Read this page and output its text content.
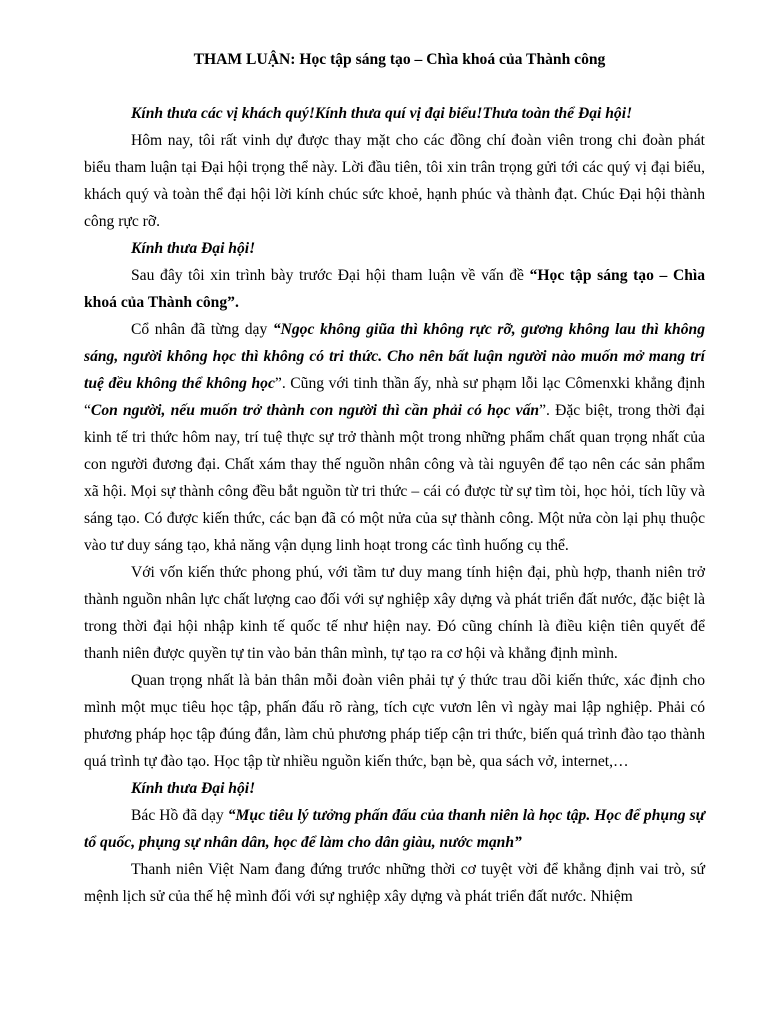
THAM LUẬN: Học tập sáng tạo – Chìa khoá của Thành công

Kính thưa các vị khách quý!Kính thưa quí vị đại biểu!Thưa toàn thể Đại hội!

Hôm nay, tôi rất vinh dự được thay mặt cho các đồng chí đoàn viên trong chi đoàn phát biểu tham luận tại Đại hội trọng thể này. Lời đầu tiên, tôi xin trân trọng gửi tới các quý vị đại biểu, khách quý và toàn thể đại hội lời kính chúc sức khoẻ, hạnh phúc và thành đạt. Chúc Đại hội thành công rực rỡ.

Kính thưa Đại hội!

Sau đây tôi xin trình bày trước Đại hội tham luận về vấn đề “Học tập sáng tạo – Chìa khoá của Thành công”.

Cổ nhân đã từng dạy “Ngọc không giũa thì không rực rỡ, gương không lau thì không sáng, người không học thì không có tri thức. Cho nên bất luận người nào muốn mở mang trí tuệ đều không thể không học”. Cũng với tinh thần ấy, nhà sư phạm lỗi lạc Cômenxki khẳng định “Con người, nếu muốn trở thành con người thì cần phải có học vấn”. Đặc biệt, trong thời đại kinh tế tri thức hôm nay, trí tuệ thực sự trở thành một trong những phẩm chất quan trọng nhất của con người đương đại. Chất xám thay thế nguồn nhân công và tài nguyên để tạo nên các sản phẩm xã hội. Mọi sự thành công đều bắt nguồn từ tri thức – cái có được từ sự tìm tòi, học hỏi, tích lũy và sáng tạo. Có được kiến thức, các bạn đã có một nửa của sự thành công. Một nửa còn lại phụ thuộc vào tư duy sáng tạo, khả năng vận dụng linh hoạt trong các tình huống cụ thể.

Với vốn kiến thức phong phú, với tầm tư duy mang tính hiện đại, phù hợp, thanh niên trở thành nguồn nhân lực chất lượng cao đối với sự nghiệp xây dựng và phát triển đất nước, đặc biệt là trong thời đại hội nhập kinh tế quốc tế như hiện nay. Đó cũng chính là điều kiện tiên quyết để thanh niên được quyền tự tin vào bản thân mình, tự tạo ra cơ hội và khẳng định mình.

Quan trọng nhất là bản thân mỗi đoàn viên phải tự ý thức trau dồi kiến thức, xác định cho mình một mục tiêu học tập, phấn đấu rõ ràng, tích cực vươn lên vì ngày mai lập nghiệp. Phải có phương pháp học tập đúng đắn, làm chủ phương pháp tiếp cận tri thức, biến quá trình đào tạo thành quá trình tự đào tạo. Học tập từ nhiều nguồn kiến thức, bạn bè, qua sách vở, internet,…

Kính thưa Đại hội!

Bác Hồ đã dạy “Mục tiêu lý tưởng phấn đấu của thanh niên là học tập. Học để phụng sự tổ quốc, phụng sự nhân dân, học để làm cho dân giàu, nước mạnh”

Thanh niên Việt Nam đang đứng trước những thời cơ tuyệt vời để khẳng định vai trò, sứ mệnh lịch sử của thế hệ mình đối với sự nghiệp xây dựng và phát triển đất nước. Nhiệm
